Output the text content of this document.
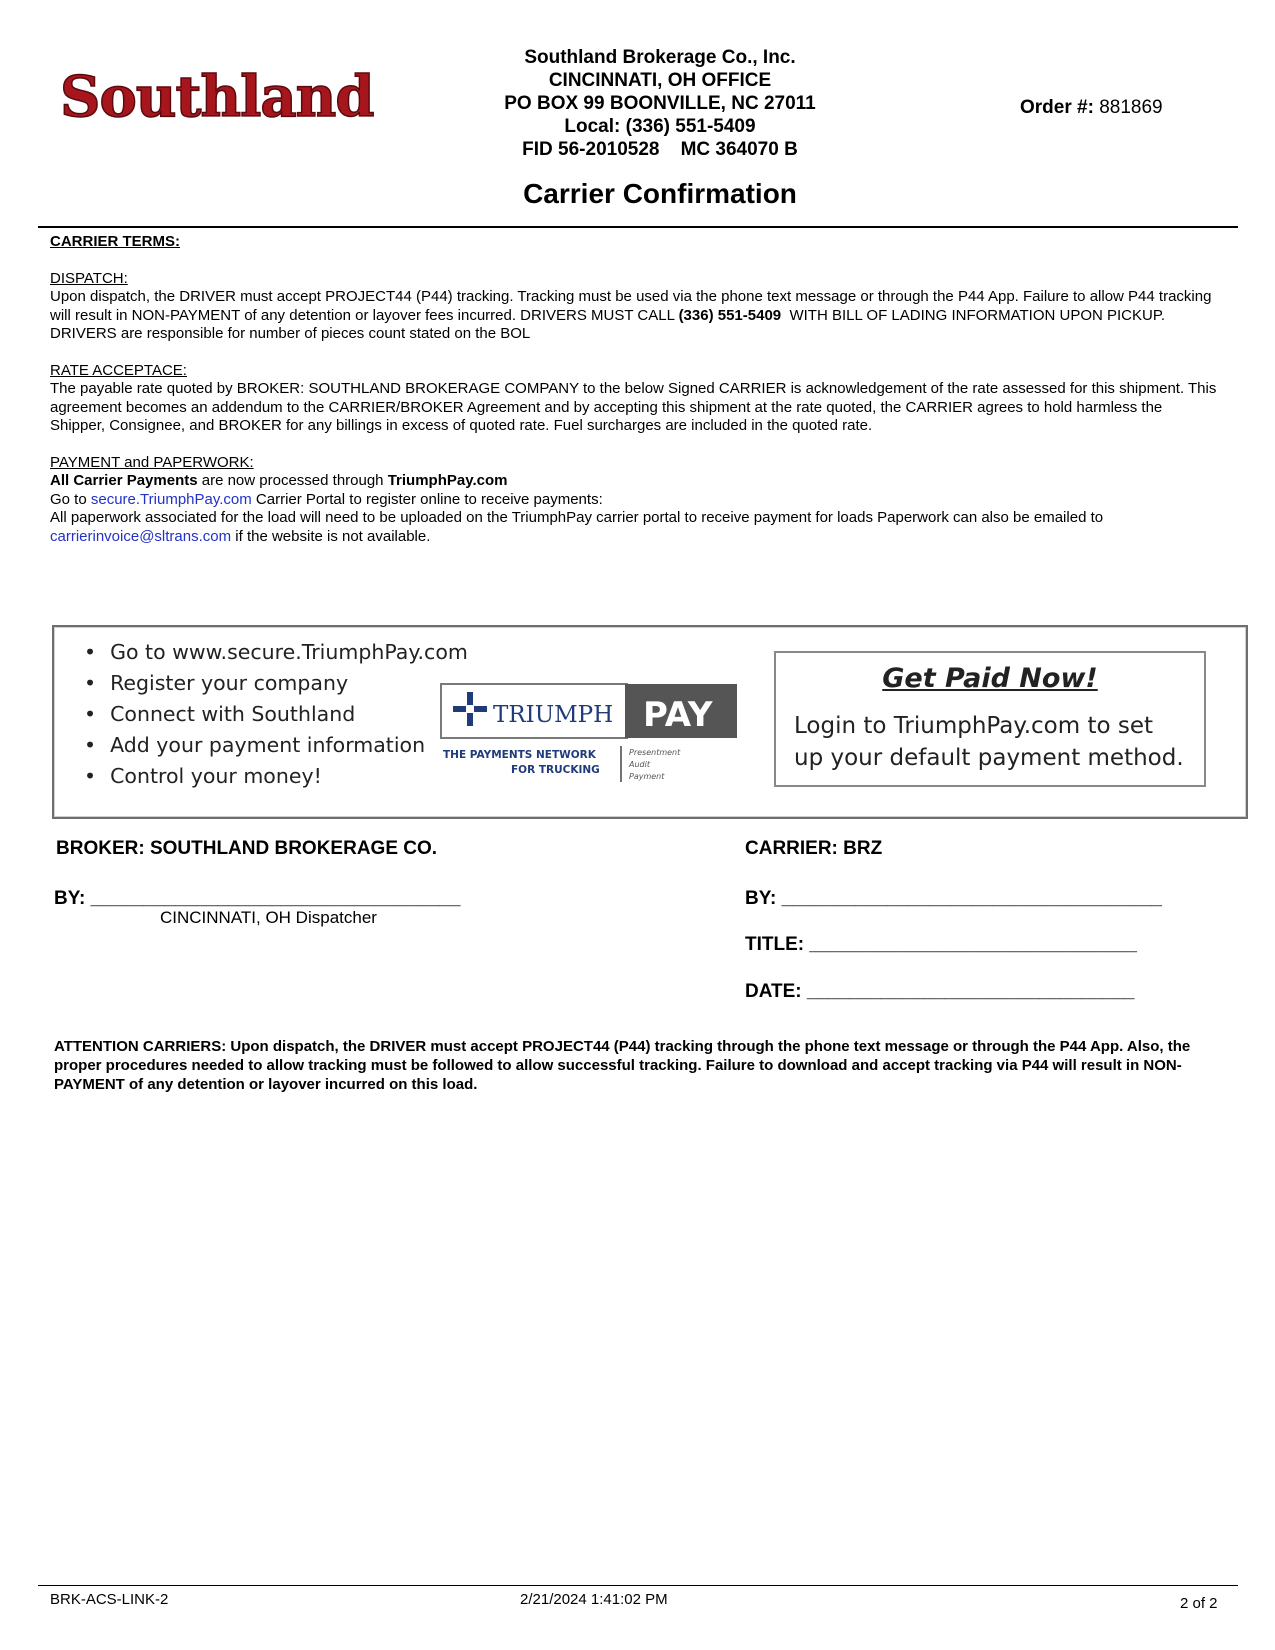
Southland
Southland Brokerage Co., Inc.
CINCINNATI, OH OFFICE
PO BOX 99 BOONVILLE, NC 27011
Local: (336) 551-5409
FID 56-2010528    MC 364070 B
Order #: 881869
Carrier Confirmation

CARRIER TERMS:

DISPATCH:

Upon dispatch, the DRIVER must accept PROJECT44 (P44) tracking. Tracking must be used via the phone text message or through the P44 App. Failure to allow P44 tracking will result in NON-PAYMENT of any detention or layover fees incurred. DRIVERS MUST CALL (336) 551-5409  WITH BILL OF LADING INFORMATION UPON PICKUP. DRIVERS are responsible for number of pieces count stated on the BOL

RATE ACCEPTACE:

The payable rate quoted by BROKER: SOUTHLAND BROKERAGE COMPANY to the below Signed CARRIER is acknowledgement of the rate assessed for this shipment. This agreement becomes an addendum to the CARRIER/BROKER Agreement and by accepting this shipment at the rate quoted, the CARRIER agrees to hold harmless the Shipper, Consignee, and BROKER for any billings in excess of quoted rate. Fuel surcharges are included in the quoted rate.

PAYMENT and PAPERWORK:

All Carrier Payments are now processed through TriumphPay.com

Go to secure.TriumphPay.com Carrier Portal to register online to receive payments:

All paperwork associated for the load will need to be uploaded on the TriumphPay carrier portal to receive payment for loads Paperwork can also be emailed to carrierinvoice@sltrans.com if the website is not available.

• Go to www.secure.TriumphPay.com
• Register your company
• Connect with Southland
• Add your payment information
• Control your money!
TRIUMPH PAY
THE PAYMENTS NETWORK
FOR TRUCKING
Presentment
Audit
Payment
Get Paid Now!
Login to TriumphPay.com to set
up your default payment method.
BROKER: SOUTHLAND BROKERAGE CO.
BY: ___________________________________
CINCINNATI, OH Dispatcher
CARRIER: BRZ
BY: ____________________________________
TITLE: _______________________________
DATE: _______________________________
ATTENTION CARRIERS: Upon dispatch, the DRIVER must accept PROJECT44 (P44) tracking through the phone text message or through the P44 App. Also, the proper procedures needed to allow tracking must be followed to allow successful tracking. Failure to download and accept tracking via P44 will result in NON-PAYMENT of any detention or layover incurred on this load.
BRK-ACS-LINK-2	2/21/2024 1:41:02 PM	2 of 2
